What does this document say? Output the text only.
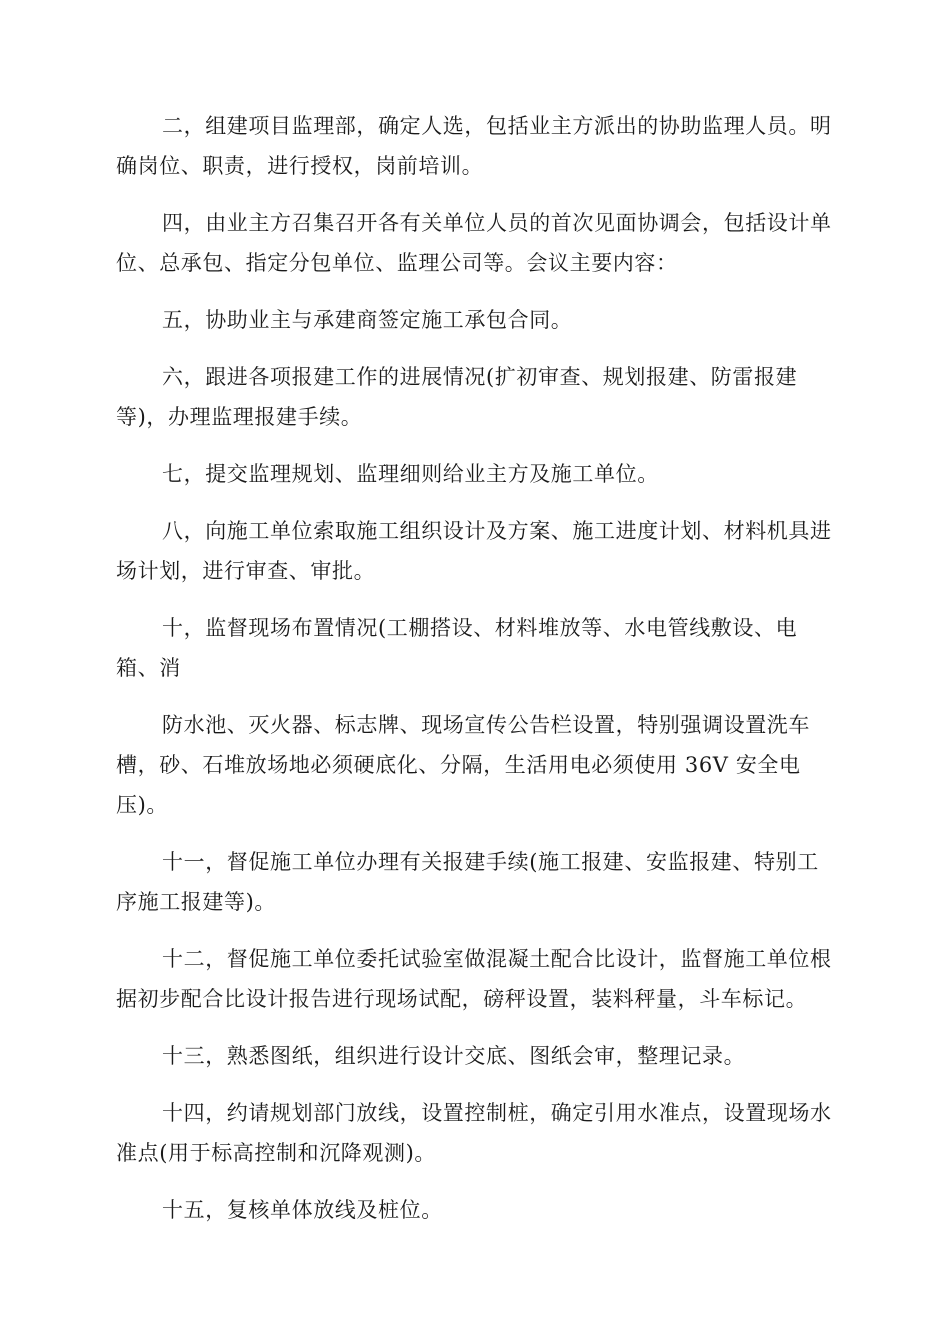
二，组建项目监理部，确定人选，包括业主方派出的协助监理人员。明确岗位、职责，进行授权，岗前培训。

四，由业主方召集召开各有关单位人员的首次见面协调会，包括设计单位、总承包、指定分包单位、监理公司等。会议主要内容：

五，协助业主与承建商签定施工承包合同。

六，跟进各项报建工作的进展情况(扩初审查、规划报建、防雷报建等)，办理监理报建手续。

七，提交监理规划、监理细则给业主方及施工单位。

八，向施工单位索取施工组织设计及方案、施工进度计划、材料机具进场计划，进行审查、审批。

十，监督现场布置情况(工棚搭设、材料堆放等、水电管线敷设、电箱、消

防水池、灭火器、标志牌、现场宣传公告栏设置，特别强调设置洗车槽，砂、石堆放场地必须硬底化、分隔，生活用电必须使用 36V 安全电压)。

十一，督促施工单位办理有关报建手续(施工报建、安监报建、特别工序施工报建等)。

十二，督促施工单位委托试验室做混凝土配合比设计，监督施工单位根据初步配合比设计报告进行现场试配，磅秤设置，装料秤量，斗车标记。

十三，熟悉图纸，组织进行设计交底、图纸会审，整理记录。

十四，约请规划部门放线，设置控制桩，确定引用水准点，设置现场水准点(用于标高控制和沉降观测)。

十五，复核单体放线及桩位。
